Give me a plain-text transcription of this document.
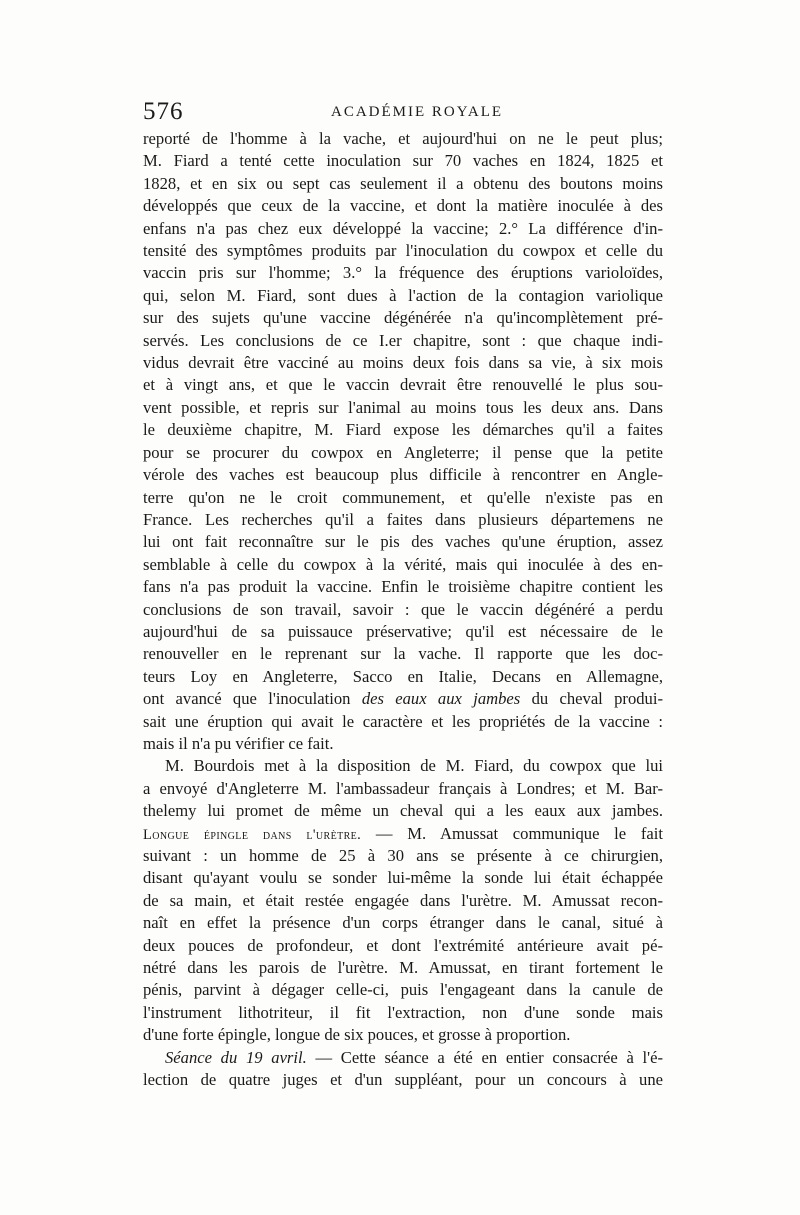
576	ACADÉMIE ROYALE
reporté de l'homme à la vache, et aujourd'hui on ne le peut plus;
M. Fiard a tenté cette inoculation sur 70 vaches en 1824, 1825 et
1828, et en six ou sept cas seulement il a obtenu des boutons moins
développés que ceux de la vaccine, et dont la matière inoculée à des
enfans n'a pas chez eux développé la vaccine; 2.° La différence d'in-
tensité des symptômes produits par l'inoculation du cowpox et celle du
vaccin pris sur l'homme; 3.° la fréquence des éruptions varioloïdes,
qui, selon M. Fiard, sont dues à l'action de la contagion variolique
sur des sujets qu'une vaccine dégénérée n'a qu'incomplètement pré-
servés. Les conclusions de ce I.er chapitre, sont : que chaque indi-
vidus devrait être vacciné au moins deux fois dans sa vie, à six mois
et à vingt ans, et que le vaccin devrait être renouvellé le plus sou-
vent possible, et repris sur l'animal au moins tous les deux ans. Dans
le deuxième chapitre, M. Fiard expose les démarches qu'il a faites
pour se procurer du cowpox en Angleterre; il pense que la petite
vérole des vaches est beaucoup plus difficile à rencontrer en Angle-
terre qu'on ne le croit communement, et qu'elle n'existe pas en
France. Les recherches qu'il a faites dans plusieurs départemens ne
lui ont fait reconnaître sur le pis des vaches qu'une éruption, assez
semblable à celle du cowpox à la vérité, mais qui inoculée à des en-
fans n'a pas produit la vaccine. Enfin le troisième chapitre contient les
conclusions de son travail, savoir : que le vaccin dégénéré a perdu
aujourd'hui de sa puissauce préservative; qu'il est nécessaire de le
renouveller en le reprenant sur la vache. Il rapporte que les doc-
teurs Loy en Angleterre, Sacco en Italie, Decans en Allemagne,
ont avancé que l'inoculation des eaux aux jambes du cheval produi-
sait une éruption qui avait le caractère et les propriétés de la vaccine :
mais il n'a pu vérifier ce fait.
M. Bourdois met à la disposition de M. Fiard, du cowpox que lui
a envoyé d'Angleterre M. l'ambassadeur français à Londres; et M. Bar-
thelemy lui promet de même un cheval qui a les eaux aux jambes.
Longue épingle dans l'urètre. — M. Amussat communique le fait
suivant : un homme de 25 à 30 ans se présente à ce chirurgien,
disant qu'ayant voulu se sonder lui-même la sonde lui était échappée
de sa main, et était restée engagée dans l'urètre. M. Amussat recon-
naît en effet la présence d'un corps étranger dans le canal, situé à
deux pouces de profondeur, et dont l'extrémité antérieure avait pé-
nétré dans les parois de l'urètre. M. Amussat, en tirant fortement le
pénis, parvint à dégager celle-ci, puis l'engageant dans la canule de
l'instrument lithotriteur, il fit l'extraction, non d'une sonde mais
d'une forte épingle, longue de six pouces, et grosse à proportion.
Séance du 19 avril. — Cette séance a été en entier consacrée à l'é-
lection de quatre juges et d'un suppléant, pour un concours à une
